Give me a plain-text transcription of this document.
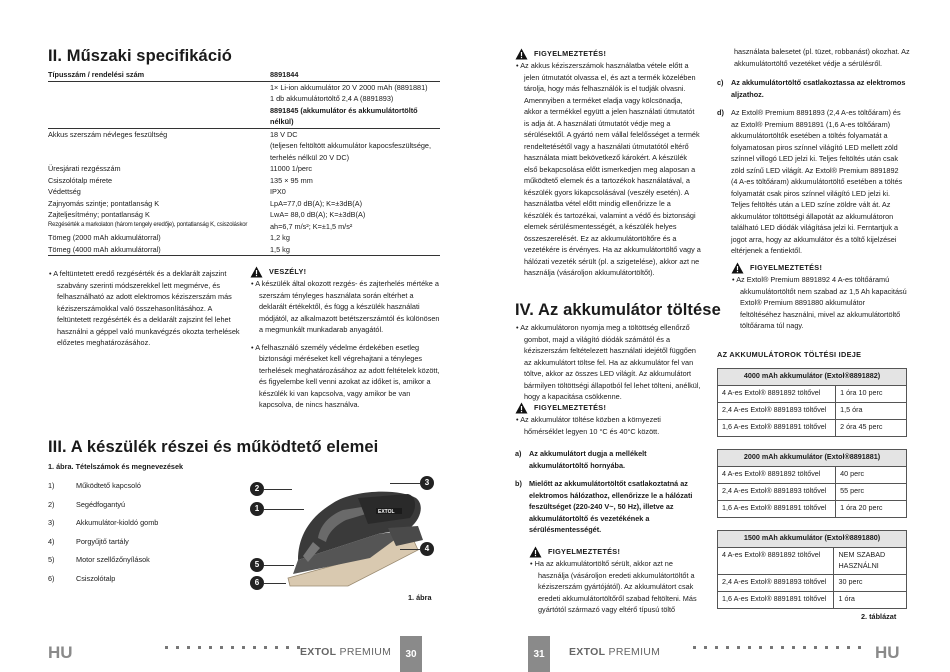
II. Műszaki specifikáció
Típusszám / rendelési szám	8891844
1× Li-ion akkumulátor 20 V 2000 mAh (8891881)
1 db akkumulátortöltő 2,4 A (8891893)
8891845 (akkumulátor és akkumulátortöltő nélkül)
Akkus szerszám névleges feszültség	18 V DC
(teljesen feltöltött akkumulátor kapocsfeszültsége,
terhelés nélkül 20 V DC)
Üresjárati rezgésszám	11000 1/perc
Csiszolótalp mérete	135 × 95 mm
Védettség	IPX0
Zajnyomás szintje; pontatlanság K	LpA=77,0 dB(A); K=±3dB(A)
Zajteljesítmény; pontatlanság K	LwA= 88,0 dB(A); K=±3dB(A)
Rezgésérték a markolaton (három tengely eredője), pontatlanság K, csiszoláskor	ah=6,7 m/s²; K=±1,5 m/s²
Tömeg (2000 mAh akkumulátorral)	1,2 kg
Tömeg (4000 mAh akkumulátorral)	1,5 kg

• A feltüntetett eredő rezgésérték és a deklarált zajszint szabvány szerinti módszerekkel lett megmérve, és felhasználható az adott elektromos kéziszerszám más kéziszerszámokkal való összehasonlításához. A feltüntetett rezgésérték és a deklarált zajszint fel lehet használni a géppel való munkavégzés okozta terhelések előzetes meghatározásához.

VESZÉLY!

• A készülék által okozott rezgés- és zajterhelés mértéke a szerszám tényleges használata során eltérhet a deklarált értékektől, és függ a készülék használati módjától, az alkalmazott betétszerszámtól és különösen a megmunkált munkadarab anyagától.

• A felhasználó személy védelme érdekében esetleg biztonsági méréseket kell végrehajtani a tényleges terhelések meghatározásához az adott feltételek között, és figyelembe kell venni azokat az időket is, amikor a készülék ki van kapcsolva, vagy amikor be van kapcsolva, de nincs használva.

III. A készülék részei és működtető elemei
1. ábra. Tételszámok és megnevezések
1)	Működtető kapcsoló
2)	Segédfogantyú
3)	Akkumulátor-kioldó gomb
4)	Porgyűjtő tartály
5)	Motor szellőzőnyílások
6)	Csiszolótalp
EXTOL
2
1
3
4
5
6
1. ábra
HU	EXTOL PREMIUM	30
FIGYELMEZTETÉS!

• Az akkus kéziszerszámok használatba vétele előtt a jelen útmutatót olvassa el, és azt a termék közelében tárolja, hogy más felhasználók is el tudják olvasni. Amennyiben a terméket eladja vagy kölcsönadja, akkor a termékkel együtt a jelen használati útmutatót is adja át. A használati útmutatót védje meg a sérülésektől. A gyártó nem vállal felelősséget a termék rendeltetésétől vagy a használati útmutatótól eltérő használata miatt bekövetkező károkért. A készülék első bekapcsolása előtt ismerkedjen meg alaposan a működtető elemek és a tartozékok használatával, a készülék gyors kikapcsolásával (veszély esetén). A használatba vétel előtt mindig ellenőrizze le a készülék és tartozékai, valamint a védő és biztonsági elemek sérülésmentességét, a készülék helyes összeszerelését. Ez az akkumulátortöltőre és a vezetékére is érvényes. Ha az akkumulátortöltő vagy a hálózati vezeték sérült (pl. a szigetelése), akkor azt ne használja (vásároljon akkumulátortöltőt).

IV. Az akkumulátor töltése

• Az akkumulátoron nyomja meg a töltöttség ellenőrző gombot, majd a világító diódák számától és a kéziszerszám feltételezett használati idejétől függően az akkumulátort töltse fel. Ha az akkumulátor fel van töltve, akkor az összes LED világít. Az akkumulátort bármilyen töltöttségi állapotból fel lehet tölteni, anélkül, hogy a kapacitása csökkenne.

FIGYELMEZTETÉS!

• Az akkumulátor töltése közben a környezeti hőmérséklet legyen 10 °C és 40°C között.

a)	Az akkumulátort dugja a mellékelt akkumulátortöltő hornyába.
b) Mielőtt az akkumulátortöltőt csatlakoztatná az elektromos hálózathoz, ellenőrizze le a hálózati feszültséget (220-240 V~, 50 Hz), illetve az akkumulátortöltő és vezetékének a sérülésmentességét.
FIGYELMEZTETÉS!

• Ha az akkumulátortöltő sérült, akkor azt ne használja (vásároljon eredeti akkumulátortöltőt a kéziszerszám gyártójától). Az akkumulátort csak eredeti akkumulátortöltőről szabad feltölteni. Más gyártótól származó vagy eltérő típusú töltő

használata balesetet (pl. tüzet, robbanást) okozhat. Az akkumulátortöltő vezetéket védje a sérülésről.
c)	Az akkumulátortöltő csatlakoztassa az elektromos aljzathoz.
d) Az Extol® Premium 8891893 (2,4 A-es töltőáram) és az Extol® Premium 8891891 (1,6 A-es töltőáram) akkumulátortöltők esetében a töltés folyamatát a folyamatosan piros színnel világító LED mellett zöld színnel villogó LED jelzi ki. Teljes feltöltés után csak zöld színű LED világít. Az Extol® Premium 8891892 (4 A-es töltőáram) akkumulátortöltő esetében a töltés folyamatát csak piros színnel világító LED jelzi ki. Teljes feltöltés után a LED színe zöldre vált át. Az akkumulátor töltöttségi állapotát az akkumulátoron található LED diódák világítása jelzi ki. Ferntartjuk a jogot arra, hogy az akkumulátor és a töltő kijelzései eltérjenek a fentiektől.
FIGYELMEZTETÉS!

• Az Extol® Premium 8891892 4 A-es töltőáramú akkumulátortöltőt nem szabad az 1,5 Ah kapacitású Extol® Premium 8891880 akkumulátor feltöltéséhez használni, mivel az akkumulátortöltő töltőárama túl nagy.

AZ AKKUMULÁTOROK TÖLTÉSI IDEJE
4000 mAh akkumulátor (Extol®8891882)	
4 A-es Extol® 8891892 töltővel	1 óra 10 perc
2,4 A-es Extol® 8891893 töltővel	1,5 óra
1,6 A-es Extol® 8891891 töltővel	2 óra 45 perc
2000 mAh akkumulátor (Extol®8891881)	
4 A-es Extol® 8891892 töltővel	40 perc
2,4 A-es Extol® 8891893 töltővel	55 perc
1,6 A-es Extol® 8891891 töltővel	1 óra 20 perc
1500 mAh akkumulátor (Extol®8891880)	
4 A-es Extol® 8891892 töltővel	NEM SZABAD HASZNÁLNI
2,4 A-es Extol® 8891893 töltővel	30 perc
1,6 A-es Extol® 8891891 töltővel	1 óra
2. táblázat
31	EXTOL PREMIUM	HU
